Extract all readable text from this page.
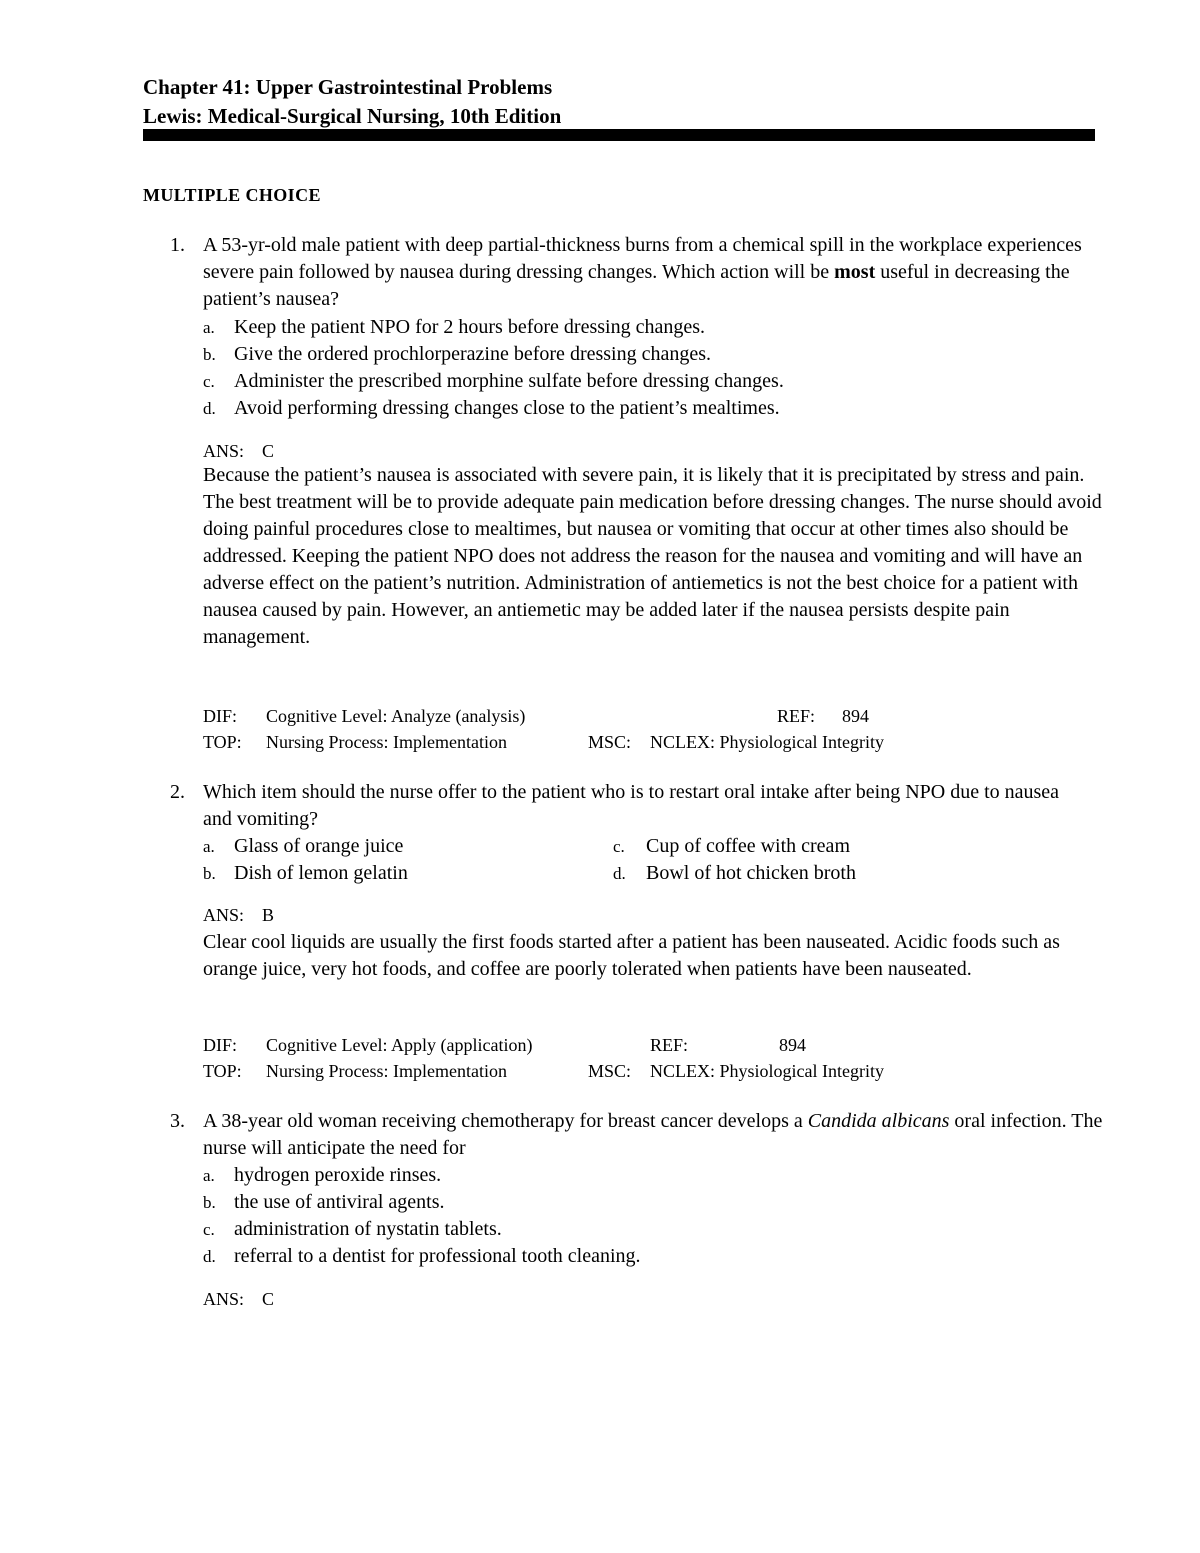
Chapter 41: Upper Gastrointestinal Problems
Lewis: Medical-Surgical Nursing, 10th Edition
MULTIPLE CHOICE
1. A 53-yr-old male patient with deep partial-thickness burns from a chemical spill in the workplace experiences severe pain followed by nausea during dressing changes. Which action will be most useful in decreasing the patient’s nausea?
a. Keep the patient NPO for 2 hours before dressing changes.
b. Give the ordered prochlorperazine before dressing changes.
c. Administer the prescribed morphine sulfate before dressing changes.
d. Avoid performing dressing changes close to the patient’s mealtimes.
ANS: C
Because the patient’s nausea is associated with severe pain, it is likely that it is precipitated by stress and pain. The best treatment will be to provide adequate pain medication before dressing changes. The nurse should avoid doing painful procedures close to mealtimes, but nausea or vomiting that occur at other times also should be addressed. Keeping the patient NPO does not address the reason for the nausea and vomiting and will have an adverse effect on the patient’s nutrition. Administration of antiemetics is not the best choice for a patient with nausea caused by pain. However, an antiemetic may be added later if the nausea persists despite pain management.
DIF: Cognitive Level: Analyze (analysis)	REF: 894
TOP: Nursing Process: Implementation	MSC: NCLEX: Physiological Integrity
2. Which item should the nurse offer to the patient who is to restart oral intake after being NPO due to nausea and vomiting?
a. Glass of orange juice
b. Dish of lemon gelatin
c. Cup of coffee with cream
d. Bowl of hot chicken broth
ANS: B
Clear cool liquids are usually the first foods started after a patient has been nauseated. Acidic foods such as orange juice, very hot foods, and coffee are poorly tolerated when patients have been nauseated.
DIF: Cognitive Level: Apply (application)	REF:	894
TOP: Nursing Process: Implementation	MSC: NCLEX: Physiological Integrity
3. A 38-year old woman receiving chemotherapy for breast cancer develops a Candida albicans oral infection. The nurse will anticipate the need for
a. hydrogen peroxide rinses.
b. the use of antiviral agents.
c. administration of nystatin tablets.
d. referral to a dentist for professional tooth cleaning.
ANS: C
